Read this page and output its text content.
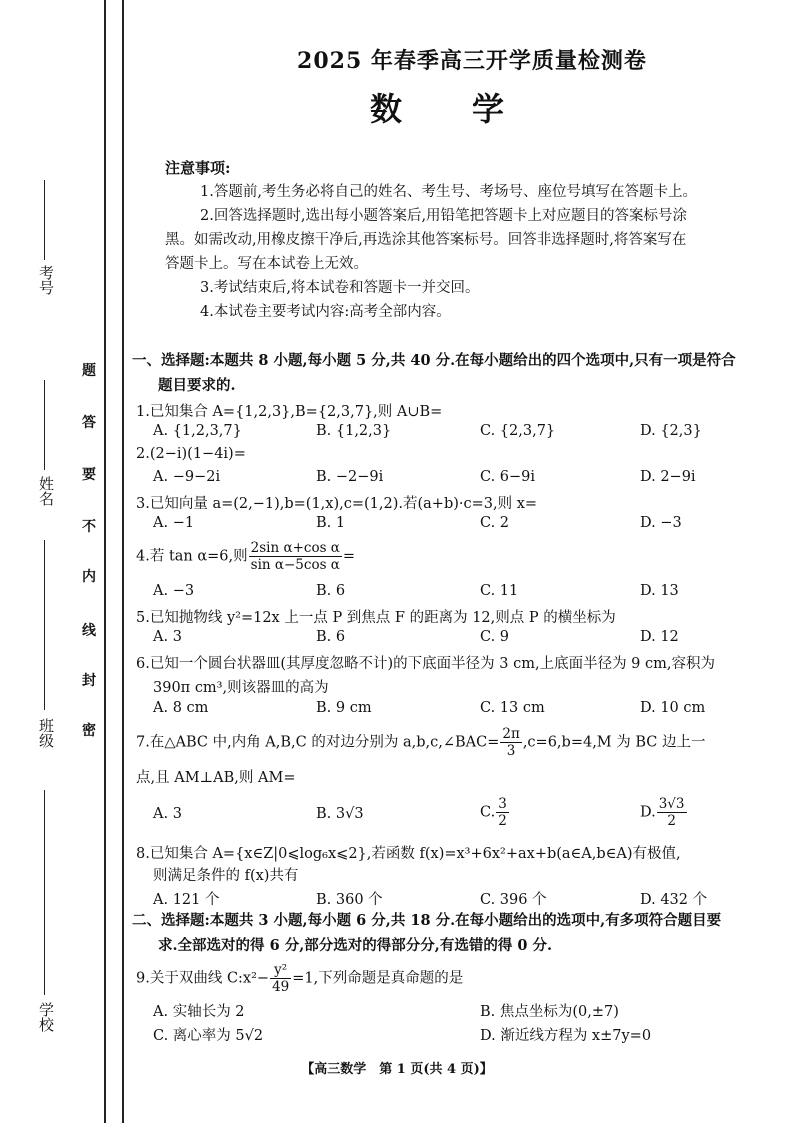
考号
姓名
班级
学校
题
答
要
不
内
线
封
密
2025 年春季高三开学质量检测卷
数学
注意事项:
1.答题前,考生务必将自己的姓名、考生号、考场号、座位号填写在答题卡上。
2.回答选择题时,选出每小题答案后,用铅笔把答题卡上对应题目的答案标号涂
黑。如需改动,用橡皮擦干净后,再选涂其他答案标号。回答非选择题时,将答案写在
答题卡上。写在本试卷上无效。
3.考试结束后,将本试卷和答题卡一并交回。
4.本试卷主要考试内容:高考全部内容。
一、选择题:本题共 8 小题,每小题 5 分,共 40 分.在每小题给出的四个选项中,只有一项是符合
题目要求的.
1.已知集合 A={1,2,3},B={2,3,7},则 A∪B=
A. {1,2,3,7}	B. {1,2,3}	C. {2,3,7}	D. {2,3}
2.(2−i)(1−4i)=
A. −9−2i	B. −2−9i	C. 6−9i	D. 2−9i
3.已知向量 a=(2,−1),b=(1,x),c=(1,2).若(a+b)·c=3,则 x=
A. −1	B. 1	C. 2	D. −3
4.若 tan α=6,则 $\frac{\text{2sin α+cos α}}{\text{sin α−5cos α}}$ =
A. −3	B. 6	C. 11	D. 13
5.已知抛物线 y²=12x 上一点 P 到焦点 F 的距离为 12,则点 P 的横坐标为
A. 3	B. 6	C. 9	D. 12
6.已知一个圆台状器皿(其厚度忽略不计)的下底面半径为 3 cm,上底面半径为 9 cm,容积为
390π cm³,则该器皿的高为
A. 8 cm	B. 9 cm	C. 13 cm	D. 10 cm
7.在△ABC 中,内角 A,B,C 的对边分别为 a,b,c,∠BAC= $\frac{2\pi}{3} ,c=6,b=4,M$ 为 BC 边上一
点,且 AM⊥AB,则 AM=
A. 3	B. 3√3	C. $\frac{3}{2}$	D. $\frac{3√3}{2}$
8.已知集合 A={x∈Z|0⩽log₆x⩽2},若函数 f(x)=x³+6x²+ax+b(a∈A,b∈A)有极值,
则满足条件的 f(x)共有
A. 121 个	B. 360 个	C. 396 个	D. 432 个
二、选择题:本题共 3 小题,每小题 6 分,共 18 分.在每小题给出的选项中,有多项符合题目要
求.全部选对的得 6 分,部分选对的得部分分,有选错的得 0 分.
9.关于双曲线 C:x²− $\frac{\text{y²}}{49} =1$,下列命题是真命题的是
A. 实轴长为 2	B. 焦点坐标为(0,±7)
C. 离心率为 5√2	D. 渐近线方程为 x±7y=0
【高三数学　第 1 页(共 4 页)】
